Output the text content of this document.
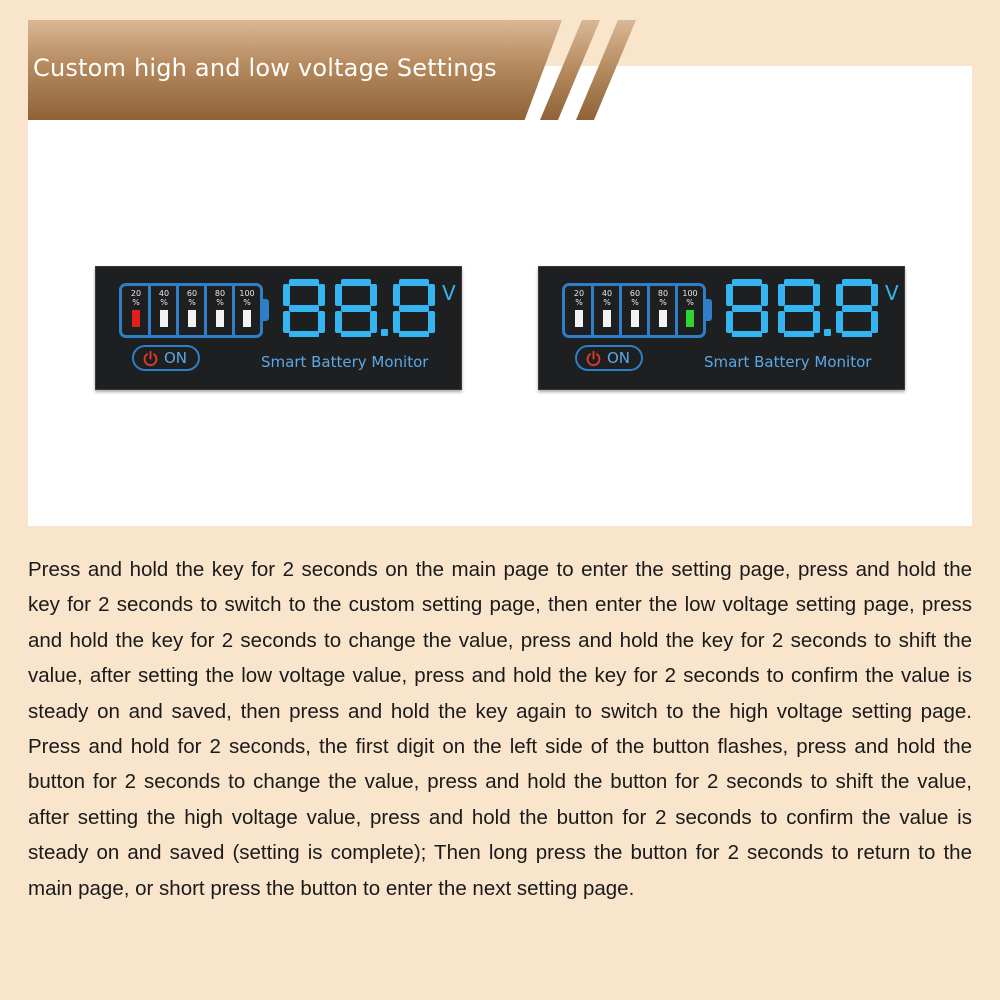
20
%
40
%
60
%
80
%
100
%	V
ON	Smart Battery Monitor
20
%
40
%
60
%
80
%
100
%	V
ON	Smart Battery Monitor
Custom high and low voltage Settings
Press and hold the key for 2 seconds on the main page to enter the setting page, press and hold the key for 2 seconds to switch to the custom setting page, then enter the low voltage setting page, press and hold the key for 2 seconds to change the value, press and hold the key for 2 seconds to shift the value, after setting the low voltage value, press and hold the key for 2 seconds to confirm the value is steady on and saved, then press and hold the key again to switch to the high voltage setting page. Press and hold for 2 seconds, the first digit on the left side of the button flashes, press and hold the button for 2 seconds to change the value, press and hold the button for 2 seconds to shift the value, after setting the high voltage value, press and hold the button for 2 seconds to confirm the value is steady on and saved (setting is complete); Then long press the button for 2 seconds to return to the main page, or short press the button to enter the next setting page.
